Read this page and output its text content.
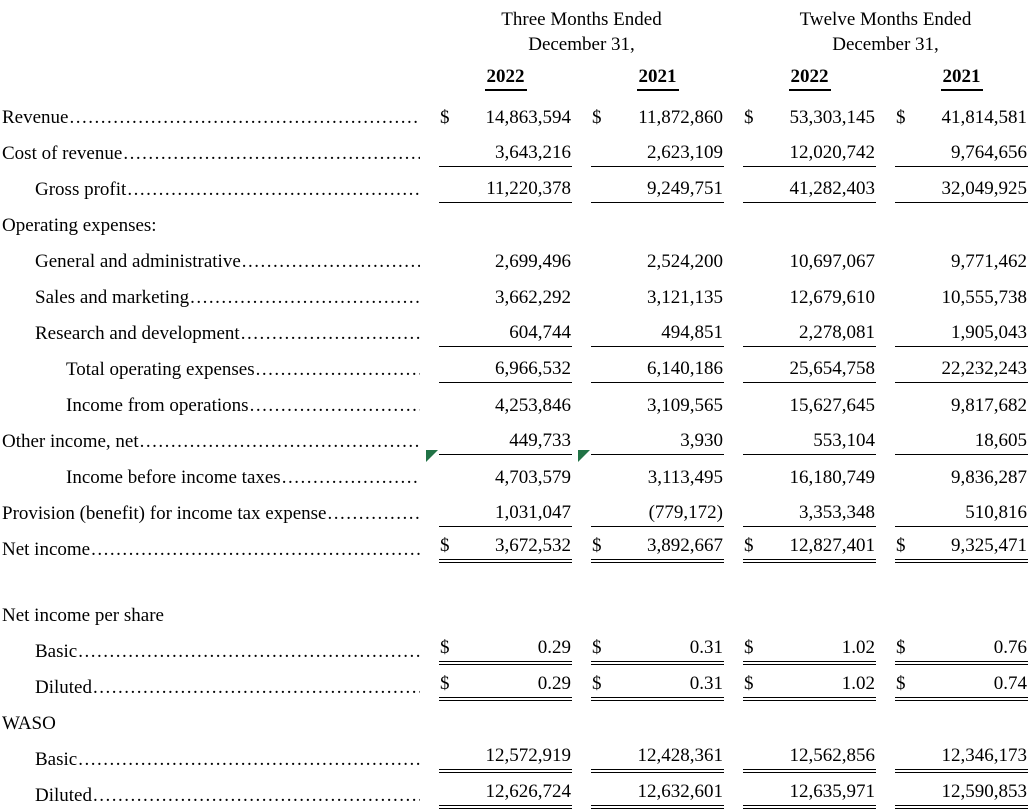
Three Months Ended
December 31,
Twelve Months Ended
December 31,
2022	2021	2022	2021
Revenue .....	$ 14,863,594 $ 11,872,860 $ 53,303,145 $ 41,814,581
Cost of revenue .....	3,643,216	2,623,109	12,020,742	9,764,656
Gross profit .....	11,220,378	9,249,751	41,282,403	32,049,925
Operating expenses:
General and administrative .....	2,699,496	2,524,200	10,697,067	9,771,462
Sales and marketing .....	3,662,292	3,121,135	12,679,610	10,555,738
Research and development .....	604,744	494,851	2,278,081	1,905,043
Total operating expenses .....	6,966,532	6,140,186	25,654,758	22,232,243
Income from operations .....	4,253,846	3,109,565	15,627,645	9,817,682
Other income, net .....	449,733	3,930	553,104	18,605
Income before income taxes .....	4,703,579	3,113,495	16,180,749	9,836,287
Provision (benefit) for income tax expense .....	1,031,047	(779,172)	3,353,348	510,816
Net income .....	$ 3,672,532 $ 3,892,667 $ 12,827,401 $ 9,325,471
Net income per share
Basic .....	$	0.29 $	0.31 $	1.02 $	0.76
Diluted .....	$	0.29 $	0.31 $	1.02 $	0.74
WASO
Basic .....	12,572,919	12,428,361	12,562,856	12,346,173
Diluted .....	12,626,724	12,632,601	12,635,971	12,590,853
